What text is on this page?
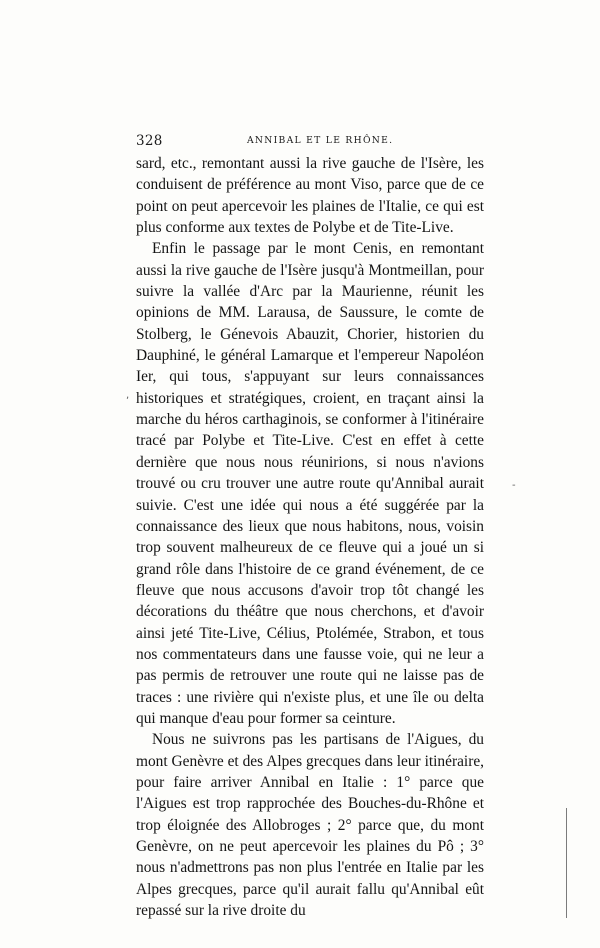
328	ANNIBAL ET LE RHÔNE.

sard, etc., remontant aussi la rive gauche de l'Isère, les conduisent de préférence au mont Viso, parce que de ce point on peut apercevoir les plaines de l'Italie, ce qui est plus conforme aux textes de Polybe et de Tite-Live.

Enfin le passage par le mont Cenis, en remontant aussi la rive gauche de l'Isère jusqu'à Montmeillan, pour suivre la vallée d'Arc par la Maurienne, réunit les opinions de MM. Larausa, de Saussure, le comte de Stolberg, le Génevois Abauzit, Chorier, historien du Dauphiné, le général Lamarque et l'empereur Napoléon Ier, qui tous, s'appuyant sur leurs connaissances historiques et stratégiques, croient, en traçant ainsi la marche du héros carthaginois, se conformer à l'itinéraire tracé par Polybe et Tite-Live. C'est en effet à cette dernière que nous nous réunirions, si nous n'avions trouvé ou cru trouver une autre route qu'Annibal aurait suivie. C'est une idée qui nous a été suggérée par la connaissance des lieux que nous habitons, nous, voisin trop souvent malheureux de ce fleuve qui a joué un si grand rôle dans l'histoire de ce grand événement, de ce fleuve que nous accusons d'avoir trop tôt changé les décorations du théâtre que nous cherchons, et d'avoir ainsi jeté Tite-Live, Célius, Ptolémée, Strabon, et tous nos commentateurs dans une fausse voie, qui ne leur a pas permis de retrouver une route qui ne laisse pas de traces : une rivière qui n'existe plus, et une île ou delta qui manque d'eau pour former sa ceinture.

Nous ne suivrons pas les partisans de l'Aigues, du mont Genèvre et des Alpes grecques dans leur itinéraire, pour faire arriver Annibal en Italie : 1° parce que l'Aigues est trop rapprochée des Bouches-du-Rhône et trop éloignée des Allobroges ; 2° parce que, du mont Genèvre, on ne peut apercevoir les plaines du Pô ; 3° nous n'admettrons pas non plus l'entrée en Italie par les Alpes grecques, parce qu'il aurait fallu qu'Annibal eût repassé sur la rive droite du

,
-
